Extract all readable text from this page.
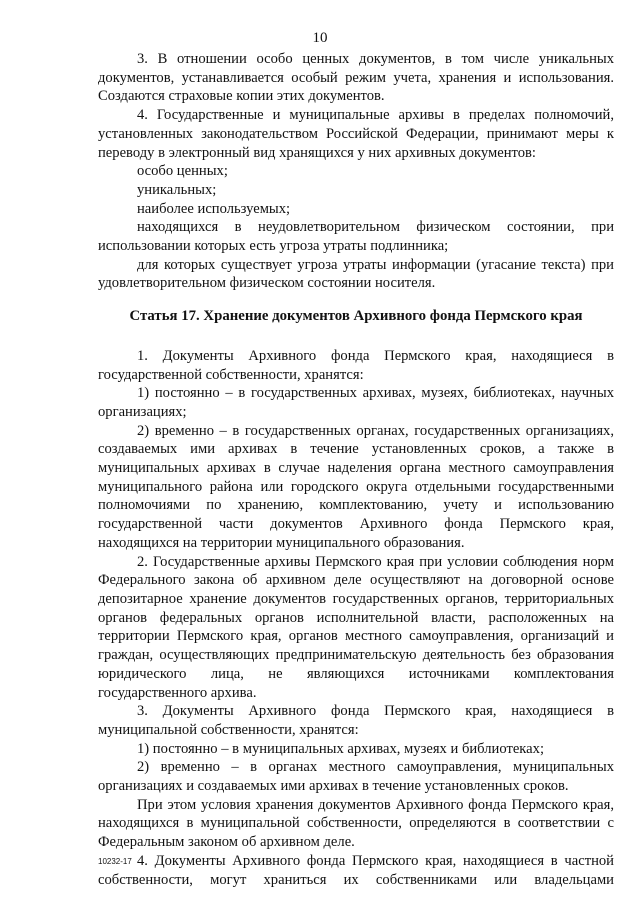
10

3. В отношении особо ценных документов, в том числе уникальных документов, устанавливается особый режим учета, хранения и использования. Создаются страховые копии этих документов.

4. Государственные и муниципальные архивы в пределах полномочий, установленных законодательством Российской Федерации, принимают меры к переводу в электронный вид хранящихся у них архивных документов:

особо ценных;

уникальных;

наиболее используемых;

находящихся в неудовлетворительном физическом состоянии, при использовании которых есть угроза утраты подлинника;

для которых существует угроза утраты информации (угасание текста) при удовлетворительном физическом состоянии носителя.

Статья 17. Хранение документов Архивного фонда Пермского края

1. Документы Архивного фонда Пермского края, находящиеся в государственной собственности, хранятся:

1) постоянно – в государственных архивах, музеях, библиотеках, научных организациях;

2) временно – в государственных органах, государственных организациях, создаваемых ими архивах в течение установленных сроков, а также в муниципальных архивах в случае наделения органа местного самоуправления муниципального района или городского округа отдельными государственными полномочиями по хранению, комплектованию, учету и использованию государственной части документов Архивного фонда Пермского края, находящихся на территории муниципального образования.

2. Государственные архивы Пермского края при условии соблюдения норм Федерального закона об архивном деле осуществляют на договорной основе депозитарное хранение документов государственных органов, территориальных органов федеральных органов исполнительной власти, расположенных на территории Пермского края, органов местного самоуправления, организаций и граждан, осуществляющих предпринимательскую деятельность без образования юридического лица, не являющихся источниками комплектования государственного архива.

3. Документы Архивного фонда Пермского края, находящиеся в муниципальной собственности, хранятся:

1) постоянно – в муниципальных архивах, музеях и библиотеках;

2) временно – в органах местного самоуправления, муниципальных организациях и создаваемых ими архивах в течение установленных сроков.

При этом условия хранения документов Архивного фонда Пермского края, находящихся в муниципальной собственности, определяются в соответствии с Федеральным законом об архивном деле.

4. Документы Архивного фонда Пермского края, находящиеся в частной собственности, могут храниться их собственниками или владельцами

10232-17
